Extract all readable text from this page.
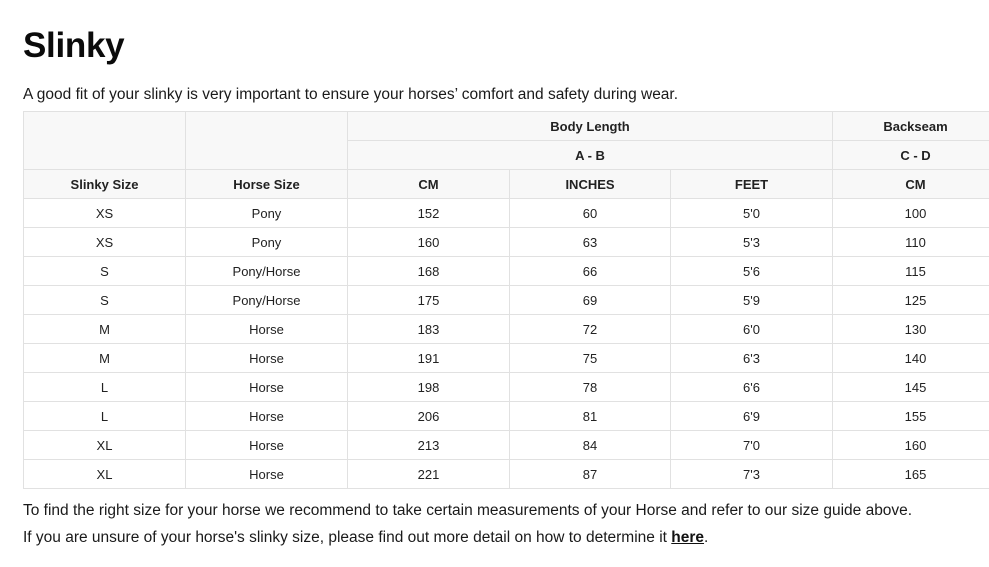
Slinky

A good fit of your slinky is very important to ensure your horses’ comfort and safety during wear.

		Body Length			Backseam
		A - B			C - D
Slinky Size	Horse Size	CM	INCHES	FEET	CM
XS	Pony	152	60	5'0	100
XS	Pony	160	63	5'3	110
S	Pony/Horse	168	66	5'6	115
S	Pony/Horse	175	69	5'9	125
M	Horse	183	72	6'0	130
M	Horse	191	75	6'3	140
L	Horse	198	78	6'6	145
L	Horse	206	81	6'9	155
XL	Horse	213	84	7'0	160
XL	Horse	221	87	7'3	165

To find the right size for your horse we recommend to take certain measurements of your Horse and refer to our size guide above.

If you are unsure of your horse's slinky size, please find out more detail on how to determine it here.
